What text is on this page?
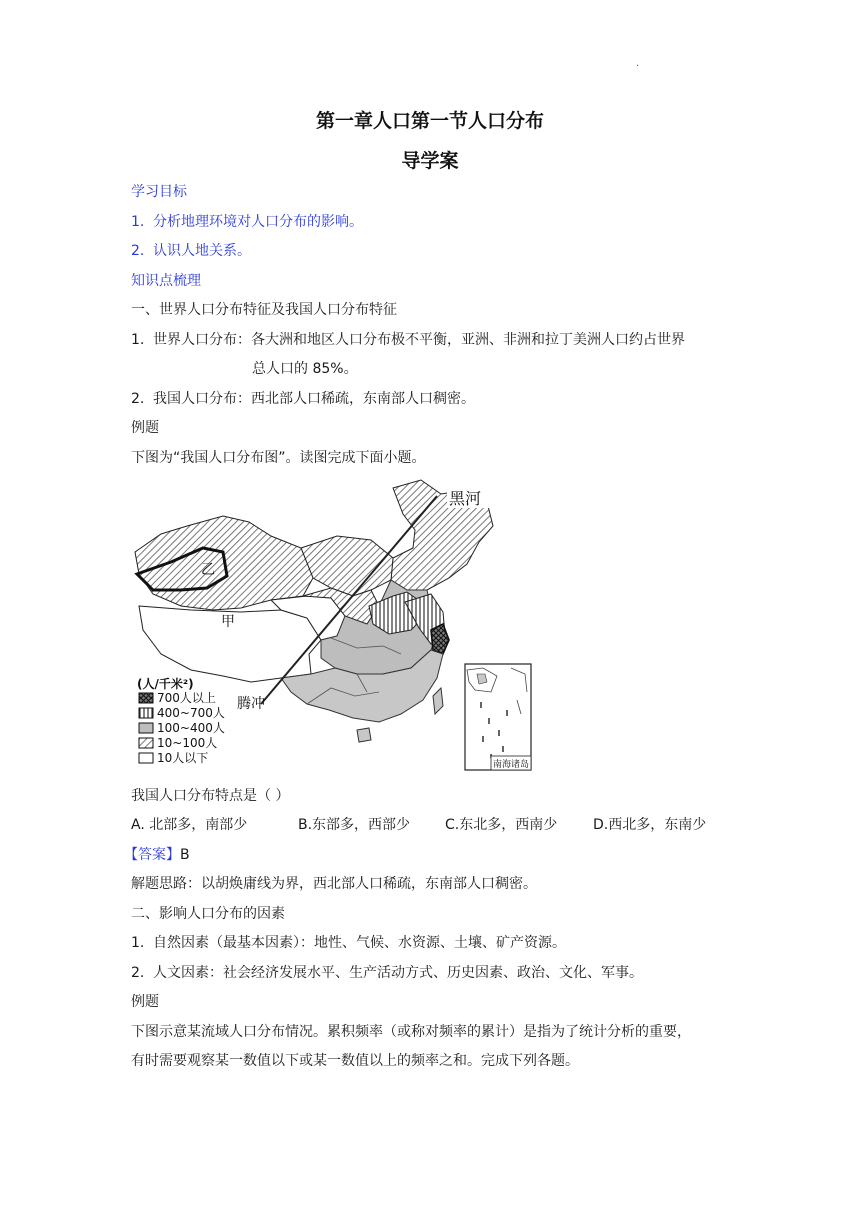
.
第一章人口第一节人口分布
导学案
学习目标
1. 分析地理环境对人口分布的影响。
2. 认识人地关系。
知识点梳理
一、世界人口分布特征及我国人口分布特征
1. 世界人口分布：各大洲和地区人口分布极不平衡，亚洲、非洲和拉丁美洲人口约占世界
总人口的 85%。
2. 我国人口分布：西北部人口稀疏，东南部人口稠密。
例题
下图为“我国人口分布图”。读图完成下面小题。
黑河
乙
甲
腾冲
(人/千米²)
700人以上
400~700人
100~400人
10~100人
10人以下	南海诸岛
我国人口分布特点是（ ）
A. 北部多，南部少	B.东部多，西部少 C.东北多，西南少	D.西北多，东南少
【答案】B
解题思路：以胡焕庸线为界，西北部人口稀疏，东南部人口稠密。
二、影响人口分布的因素
1. 自然因素（最基本因素）：地性、气候、水资源、土壤、矿产资源。
2. 人文因素：社会经济发展水平、生产活动方式、历史因素、政治、文化、军事。
例题
下图示意某流域人口分布情况。累积频率（或称对频率的累计）是指为了统计分析的重要，
有时需要观察某一数值以下或某一数值以上的频率之和。完成下列各题。
